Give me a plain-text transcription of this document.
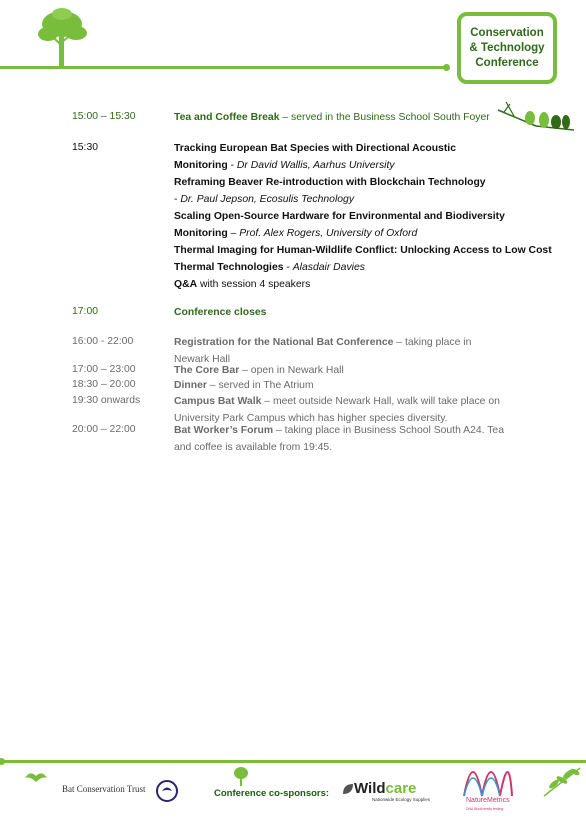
Conservation
& Technology
Conference
15:00 – 15:30	Tea and Coffee Break – served in the Business School South Foyer
15:30	Tracking European Bat Species with Directional Acoustic
Monitoring - Dr David Wallis, Aarhus University
Reframing Beaver Re-introduction with Blockchain Technology
- Dr. Paul Jepson, Ecosulis Technology
Scaling Open-Source Hardware for Environmental and Biodiversity
Monitoring – Prof. Alex Rogers, University of Oxford
Thermal Imaging for Human-Wildlife Conflict: Unlocking Access to Low Cost
Thermal Technologies - Alasdair Davies
Q&A with session 4 speakers
17:00	Conference closes
16:00 - 22:00	Registration for the National Bat Conference – taking place in
Newark Hall
17:00 – 23:00	The Core Bar – open in Newark Hall
18:30 – 20:00	Dinner – served in The Atrium
19:30 onwards	Campus Bat Walk – meet outside Newark Hall, walk will take place on
University Park Campus which has higher species diversity.
20:00 – 22:00	Bat Worker’s Forum – taking place in Business School South A24. Tea
and coffee is available from 19:45.
Bat Conservation Trust	Conference co-sponsors: Wildcare
Nationwide Ecology Supplies	NatureMetrics
DNA Biodiversity testing
